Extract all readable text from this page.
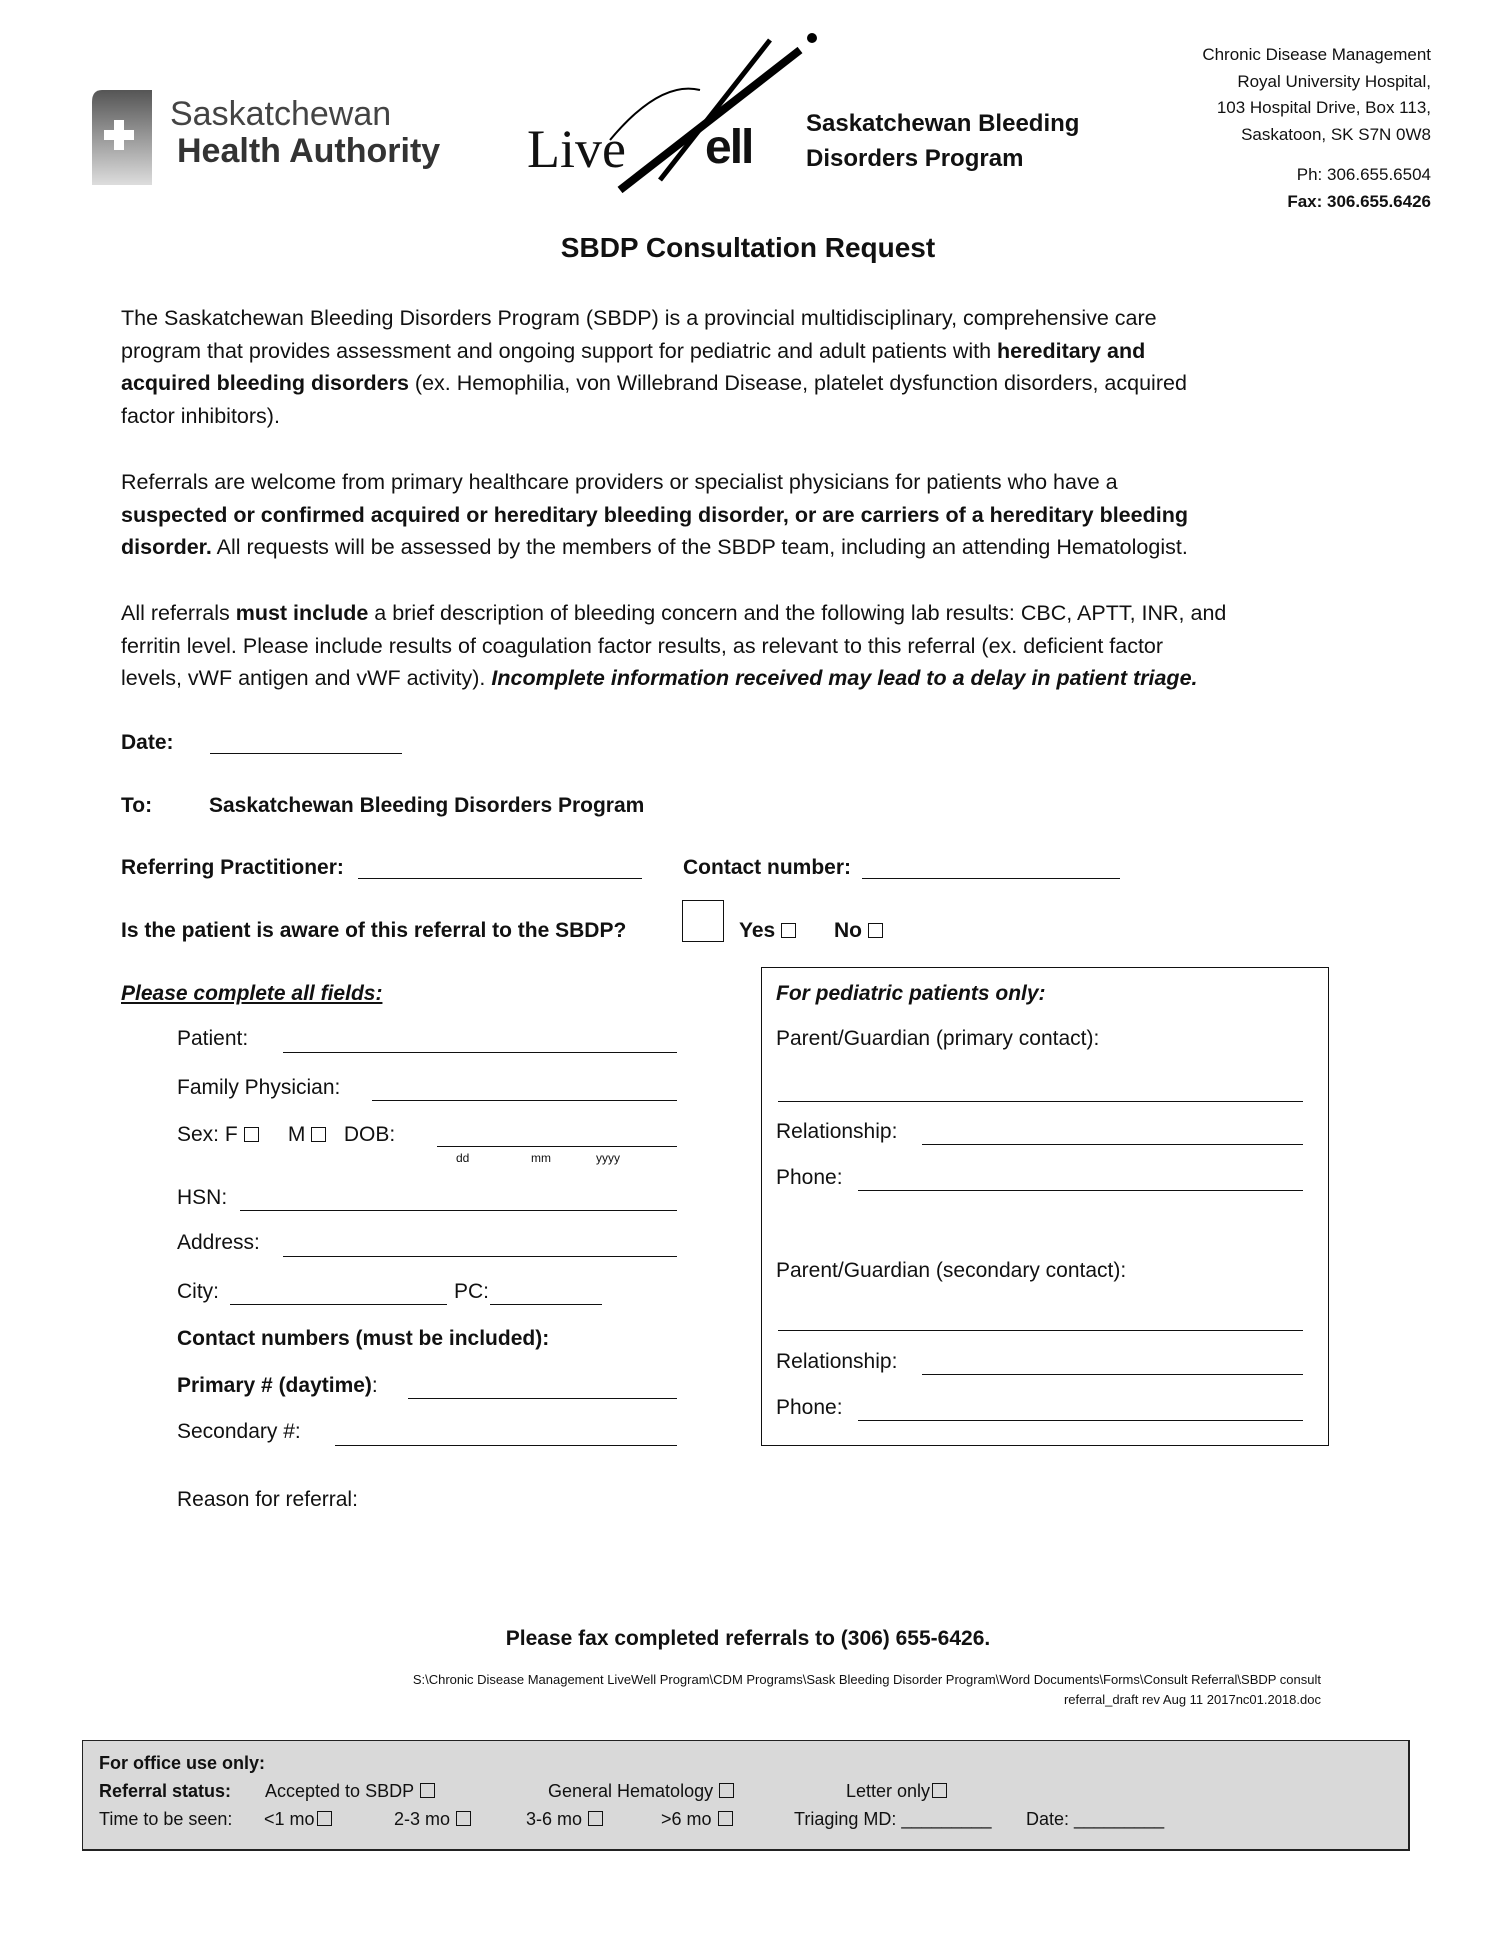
Saskatchewan
Health Authority Live ell Saskatchewan Bleeding
Disorders Program
Chronic Disease Management
Royal University Hospital,
103 Hospital Drive, Box 113,
Saskatoon, SK S7N 0W8
Ph: 306.655.6504
Fax: 306.655.6426
SBDP Consultation Request
The Saskatchewan Bleeding Disorders Program (SBDP) is a provincial multidisciplinary, comprehensive care
program that provides assessment and ongoing support for pediatric and adult patients with hereditary and
acquired bleeding disorders (ex. Hemophilia, von Willebrand Disease, platelet dysfunction disorders, acquired
factor inhibitors).
Referrals are welcome from primary healthcare providers or specialist physicians for patients who have a
suspected or confirmed acquired or hereditary bleeding disorder, or are carriers of a hereditary bleeding
disorder. All requests will be assessed by the members of the SBDP team, including an attending Hematologist.
All referrals must include a brief description of bleeding concern and the following lab results: CBC, APTT, INR, and
ferritin level. Please include results of coagulation factor results, as relevant to this referral (ex. deficient factor
levels, vWF antigen and vWF activity). Incomplete information received may lead to a delay in patient triage.
Date:
To:	Saskatchewan Bleeding Disorders Program
Referring Practitioner:	Contact number:
Is the patient is aware of this referral to the SBDP?	Yes	No
Please complete all fields:
Patient:
Family Physician:
Sex: F M DOB:
dd	mm	yyyy
HSN:
Address:
City:	PC:
Contact numbers (must be included):
Primary # (daytime):
Secondary #:
Reason for referral:
For pediatric patients only:
Parent/Guardian (primary contact):
Relationship:
Phone:
Parent/Guardian (secondary contact):
Relationship:
Phone:
Please fax completed referrals to (306) 655-6426.
S:\Chronic Disease Management LiveWell Program\CDM Programs\Sask Bleeding Disorder Program\Word Documents\Forms\Consult Referral\SBDP consult
referral_draft rev Aug 11 2017nc01.2018.doc
For office use only:
Referral status: Accepted to SBDP	General Hematology	Letter only
Time to be seen: <1 mo	2-3 mo	3-6 mo	>6 mo	Triaging MD: _________ Date: _________
